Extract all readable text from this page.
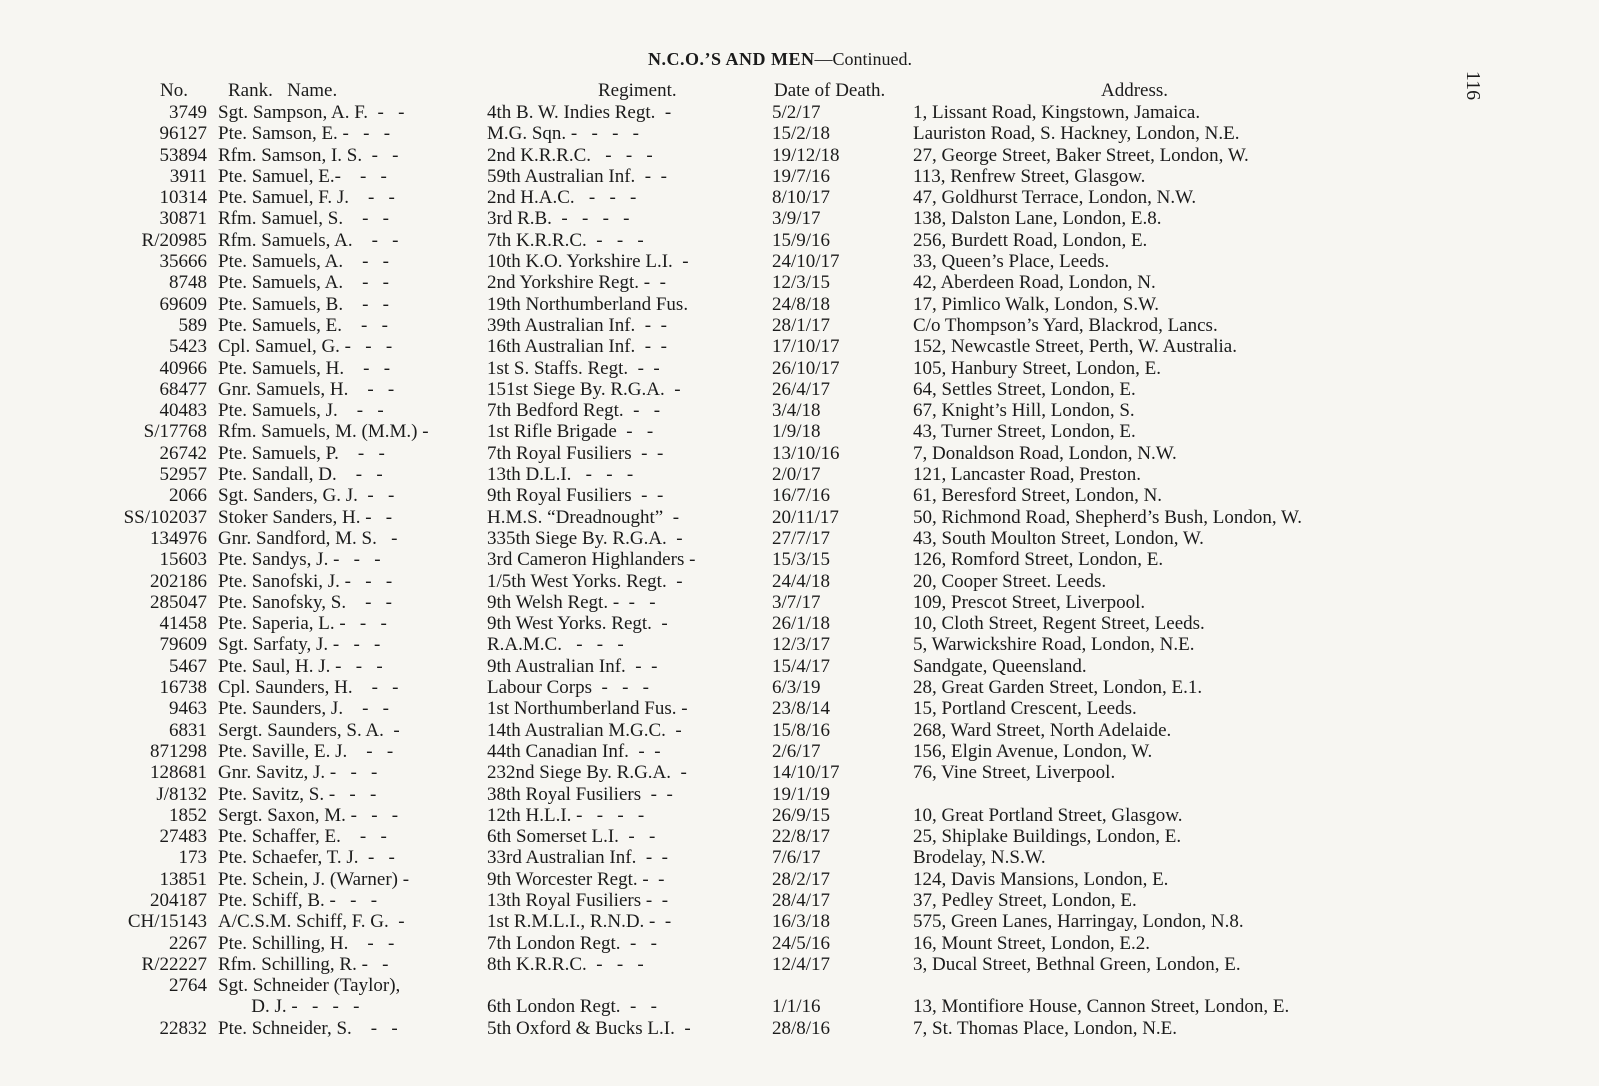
N.C.O.’S AND MEN—Continued.
116
No. Rank.   Name.	Regiment.	Date of Death.	Address.
3749 Sgt. Sampson, A. F.  -   -	4th B. W. Indies Regt.  -	5/2/17	1, Lissant Road, Kingstown, Jamaica.
96127 Pte. Samson, E. -   -   -	M.G. Sqn. -   -   -   -	15/2/18	Lauriston Road, S. Hackney, London, N.E.
53894 Rfm. Samson, I. S.  -   -	2nd K.R.R.C.   -   -   -	19/12/18	27, George Street, Baker Street, London, W.
3911 Pte. Samuel, E.-    -   -	59th Australian Inf.  -  -	19/7/16	113, Renfrew Street, Glasgow.
10314 Pte. Samuel, F. J.    -   -	2nd H.A.C.   -   -   -	8/10/17	47, Goldhurst Terrace, London, N.W.
30871 Rfm. Samuel, S.    -   -	3rd R.B.  -   -   -   -	3/9/17	138, Dalston Lane, London, E.8.
R/20985 Rfm. Samuels, A.    -   -	7th K.R.R.C.  -   -   -	15/9/16	256, Burdett Road, London, E.
35666 Pte. Samuels, A.    -   -	10th K.O. Yorkshire L.I.  -	24/10/17	33, Queen’s Place, Leeds.
8748 Pte. Samuels, A.    -   -	2nd Yorkshire Regt. -  -	12/3/15	42, Aberdeen Road, London, N.
69609 Pte. Samuels, B.    -   -	19th Northumberland Fus.	24/8/18	17, Pimlico Walk, London, S.W.
589 Pte. Samuels, E.    -   -	39th Australian Inf.  -  -	28/1/17	C/o Thompson’s Yard, Blackrod, Lancs.
5423 Cpl. Samuel, G. -   -   -	16th Australian Inf.  -  -	17/10/17	152, Newcastle Street, Perth, W. Australia.
40966 Pte. Samuels, H.    -   -	1st S. Staffs. Regt.  -  -	26/10/17	105, Hanbury Street, London, E.
68477 Gnr. Samuels, H.    -   -	151st Siege By. R.G.A.  -	26/4/17	64, Settles Street, London, E.
40483 Pte. Samuels, J.    -   -	7th Bedford Regt.  -   -	3/4/18	67, Knight’s Hill, London, S.
S/17768 Rfm. Samuels, M. (M.M.) -	1st Rifle Brigade  -   -	1/9/18	43, Turner Street, London, E.
26742 Pte. Samuels, P.    -   -	7th Royal Fusiliers  -  -	13/10/16	7, Donaldson Road, London, N.W.
52957 Pte. Sandall, D.    -   -	13th D.L.I.   -   -   -	2/0/17	121, Lancaster Road, Preston.
2066 Sgt. Sanders, G. J.  -   -	9th Royal Fusiliers  -  -	16/7/16	61, Beresford Street, London, N.
SS/102037 Stoker Sanders, H. -   -	H.M.S. “Dreadnought”  -	20/11/17	50, Richmond Road, Shepherd’s Bush, London, W.
134976 Gnr. Sandford, M. S.   -	335th Siege By. R.G.A.  -	27/7/17	43, South Moulton Street, London, W.
15603 Pte. Sandys, J. -   -   -	3rd Cameron Highlanders -	15/3/15	126, Romford Street, London, E.
202186 Pte. Sanofski, J. -   -   -	1/5th West Yorks. Regt.  -	24/4/18	20, Cooper Street. Leeds.
285047 Pte. Sanofsky, S.    -   -	9th Welsh Regt. -  -   -	3/7/17	109, Prescot Street, Liverpool.
41458 Pte. Saperia, L. -   -   -	9th West Yorks. Regt.  -	26/1/18	10, Cloth Street, Regent Street, Leeds.
79609 Sgt. Sarfaty, J. -   -   -	R.A.M.C.   -   -   -	12/3/17	5, Warwickshire Road, London, N.E.
5467 Pte. Saul, H. J. -   -   -	9th Australian Inf.  -  -	15/4/17	Sandgate, Queensland.
16738 Cpl. Saunders, H.    -   -	Labour Corps  -   -   -	6/3/19	28, Great Garden Street, London, E.1.
9463 Pte. Saunders, J.    -   -	1st Northumberland Fus. -	23/8/14	15, Portland Crescent, Leeds.
6831 Sergt. Saunders, S. A.  -	14th Australian M.G.C.  -	15/8/16	268, Ward Street, North Adelaide.
871298 Pte. Saville, E. J.    -   -	44th Canadian Inf.  -  -	2/6/17	156, Elgin Avenue, London, W.
128681 Gnr. Savitz, J. -   -   -	232nd Siege By. R.G.A.  -	14/10/17	76, Vine Street, Liverpool.
J/8132 Pte. Savitz, S. -   -   -	38th Royal Fusiliers  -  -	19/1/19
1852 Sergt. Saxon, M. -   -   -	12th H.L.I. -   -   -   -	26/9/15	10, Great Portland Street, Glasgow.
27483 Pte. Schaffer, E.    -   -	6th Somerset L.I.  -   -	22/8/17	25, Shiplake Buildings, London, E.
173 Pte. Schaefer, T. J.  -   -	33rd Australian Inf.  -  -	7/6/17	Brodelay, N.S.W.
13851 Pte. Schein, J. (Warner) -	9th Worcester Regt. -  -	28/2/17	124, Davis Mansions, London, E.
204187 Pte. Schiff, B. -   -   -	13th Royal Fusiliers -  -	28/4/17	37, Pedley Street, London, E.
CH/15143 A/C.S.M. Schiff, F. G.  -	1st R.M.L.I., R.N.D. -  -	16/3/18	575, Green Lanes, Harringay, London, N.8.
2267 Pte. Schilling, H.    -   -	7th London Regt.  -   -	24/5/16	16, Mount Street, London, E.2.
R/22227 Rfm. Schilling, R. -   -	8th K.R.R.C.  -   -   -	12/4/17	3, Ducal Street, Bethnal Green, London, E.
2764 Sgt. Schneider (Taylor),
D. J. -   -   -   -	6th London Regt.  -   -	1/1/16	13, Montifiore House, Cannon Street, London, E.
22832 Pte. Schneider, S.    -   -	5th Oxford & Bucks L.I.  -	28/8/16	7, St. Thomas Place, London, N.E.
